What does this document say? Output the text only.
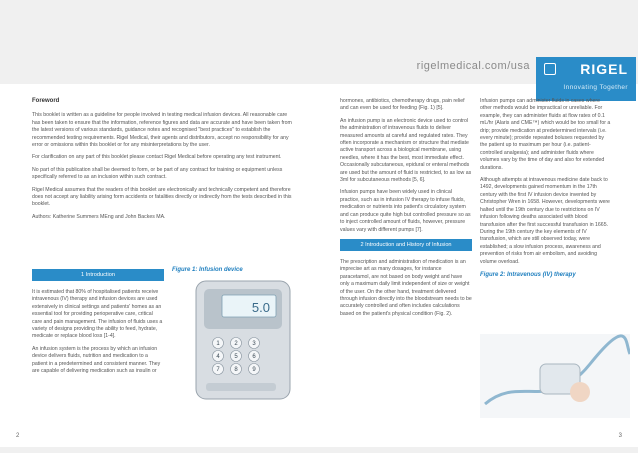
rigelmedical.com/usa	RIGEL
Innovating Together
Foreword

This booklet is written as a guideline for people involved in testing medical infusion devices. All reasonable care has been taken to ensure that the information, reference figures and data are accurate and have been taken from the latest versions of various standards, guidance notes and recognised "best practices" to establish the recommended testing requirements. Rigel Medical, their agents and distributors, accept no responsibility for any error or omissions within this booklet or for any misinterpretations by the user.

For clarification on any part of this booklet please contact Rigel Medical before operating any test instrument.

No part of this publication shall be deemed to form, or be part of any contract for training or equipment unless specifically referred to as an inclusion within such contract.

Rigel Medical assumes that the readers of this booklet are electronically and technically competent and therefore does not accept any liability arising form accidents or fatalities directly or indirectly from the tests described in this booklet.

Authors: Katherine Summers MEng and John Backes MA.

1 Introduction

It is estimated that 80% of hospitalised patients receive intravenous (IV) therapy and infusion devices are used extensively in clinical settings and patients' homes as an essential tool for providing perioperative care, critical care and pain management. The infusion of fluids uses a variety of designs providing the ability to feed, hydrate, medicate or replace blood loss [1-4].

An infusion system is the process by which an infusion device delivers fluids, nutrition and medication to a patient in a predetermined and consistent manner. They are capable of delivering medication such as insulin or

Figure 1: Infusion device
5.0
1 2 3
4 5 6
7 8 9

hormones, antibiotics, chemotherapy drugs, pain relief and can even be used for feeding (Fig. 1) [5].

An infusion pump is an electronic device used to control the administration of intravenous fluids to deliver measured amounts at careful and regulated rates. They often incorporate a mechanism or structure that mediate active transport across a biological membrane, using needles, where it has the best, most immediate effect. Occasionally subcutaneous, epidural or enteral methods are used but the amount of fluid is restricted, to as low as 3ml for subcutaneous methods [5, 6].

Infusion pumps have been widely used in clinical practice, such as in infusion IV therapy to infuse fluids, medication or nutrients into patient's circulatory system and can produce quite high but controlled pressure so as to inject controlled amount of fluids, however, pressure values vary with different pumps [7].

2 Introduction and History of Infusion

The prescription and administration of medication is an imprecise art as many dosages, for instance paracetamol, are not based on body weight and have only a maximum daily limit independent of size or weight of the user. On the other hand, treatment delivered through infusion directly into the bloodstream needs to be accurately controlled and often includes calculations based on the patient's physical condition (Fig. 2).

Infusion pumps can administer fluids in cases where other methods would be impractical or unreliable. For example, they can administer fluids at flow rates of 0.1 mL/hr (Alaris and CME™) which would be too small for a drip; provide medication at predetermined intervals (i.e. every minute); provide repeated boluses requested by the patient up to maximum per hour (i.e. patient-controlled analgesia); and administer fluids where volumes vary by the time of day and also for extended durations.

Although attempts at intravenous medicine date back to 1492, developments gained momentum in the 17th century with the first IV infusion device invented by Christopher Wren in 1658. However, developments were halted until the 19th century due to restrictions on IV infusion following deaths associated with blood transfusion after the first successful transfusion in 1665. During the 19th century the key elements of IV transfusion, which are still observed today, were established; a slow infusion process, awareness and prevention of risks from air embolism, and avoiding volume overload.

Figure 2: Intravenous (IV) therapy
2	3
